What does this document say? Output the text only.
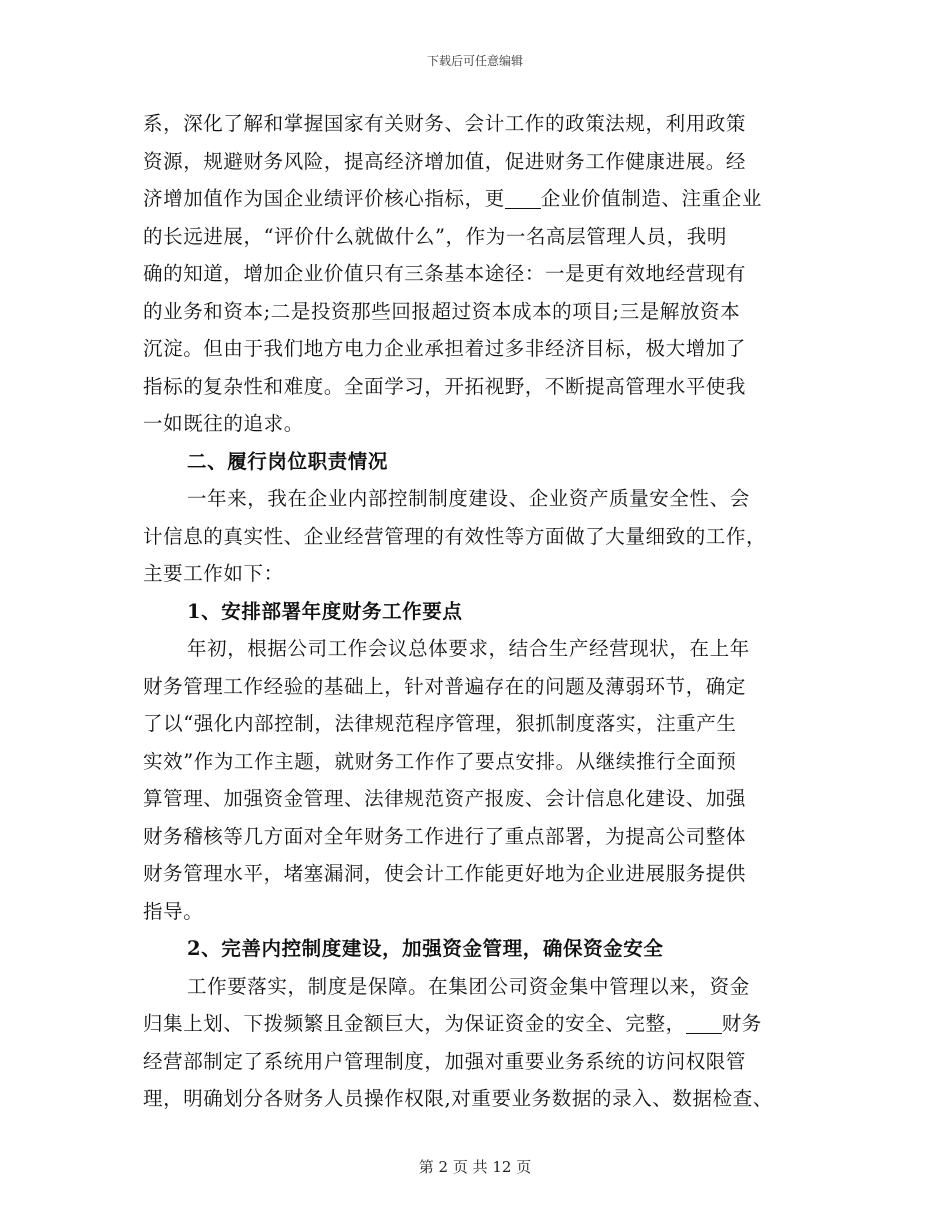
下载后可任意编辑
系，深化了解和掌握国家有关财务、会计工作的政策法规，利用政策
资源，规避财务风险，提高经济增加值，促进财务工作健康进展。经
济增加值作为国企业绩评价核心指标，更 企业价值制造、注重企业
的长远进展，“评价什么就做什么”，作为一名高层管理人员，我明
确的知道，增加企业价值只有三条基本途径：一是更有效地经营现有
的业务和资本;二是投资那些回报超过资本成本的项目;三是解放资本
沉淀。但由于我们地方电力企业承担着过多非经济目标，极大增加了
指标的复杂性和难度。全面学习，开拓视野，不断提高管理水平使我
一如既往的追求。
二、履行岗位职责情况
一年来，我在企业内部控制制度建设、企业资产质量安全性、会
计信息的真实性、企业经营管理的有效性等方面做了大量细致的工作，
主要工作如下：
1、安排部署年度财务工作要点
年初，根据公司工作会议总体要求，结合生产经营现状，在上年
财务管理工作经验的基础上，针对普遍存在的问题及薄弱环节，确定
了以“强化内部控制，法律规范程序管理，狠抓制度落实，注重产生
实效”作为工作主题，就财务工作作了要点安排。从继续推行全面预
算管理、加强资金管理、法律规范资产报废、会计信息化建设、加强
财务稽核等几方面对全年财务工作进行了重点部署，为提高公司整体
财务管理水平，堵塞漏洞，使会计工作能更好地为企业进展服务提供
指导。
2、完善内控制度建设，加强资金管理，确保资金安全
工作要落实，制度是保障。在集团公司资金集中管理以来，资金
归集上划、下拨频繁且金额巨大，为保证资金的安全、完整， 财务
经营部制定了系统用户管理制度，加强对重要业务系统的访问权限管
理，明确划分各财务人员操作权限,对重要业务数据的录入、数据检查、
第 2 页 共 12 页
